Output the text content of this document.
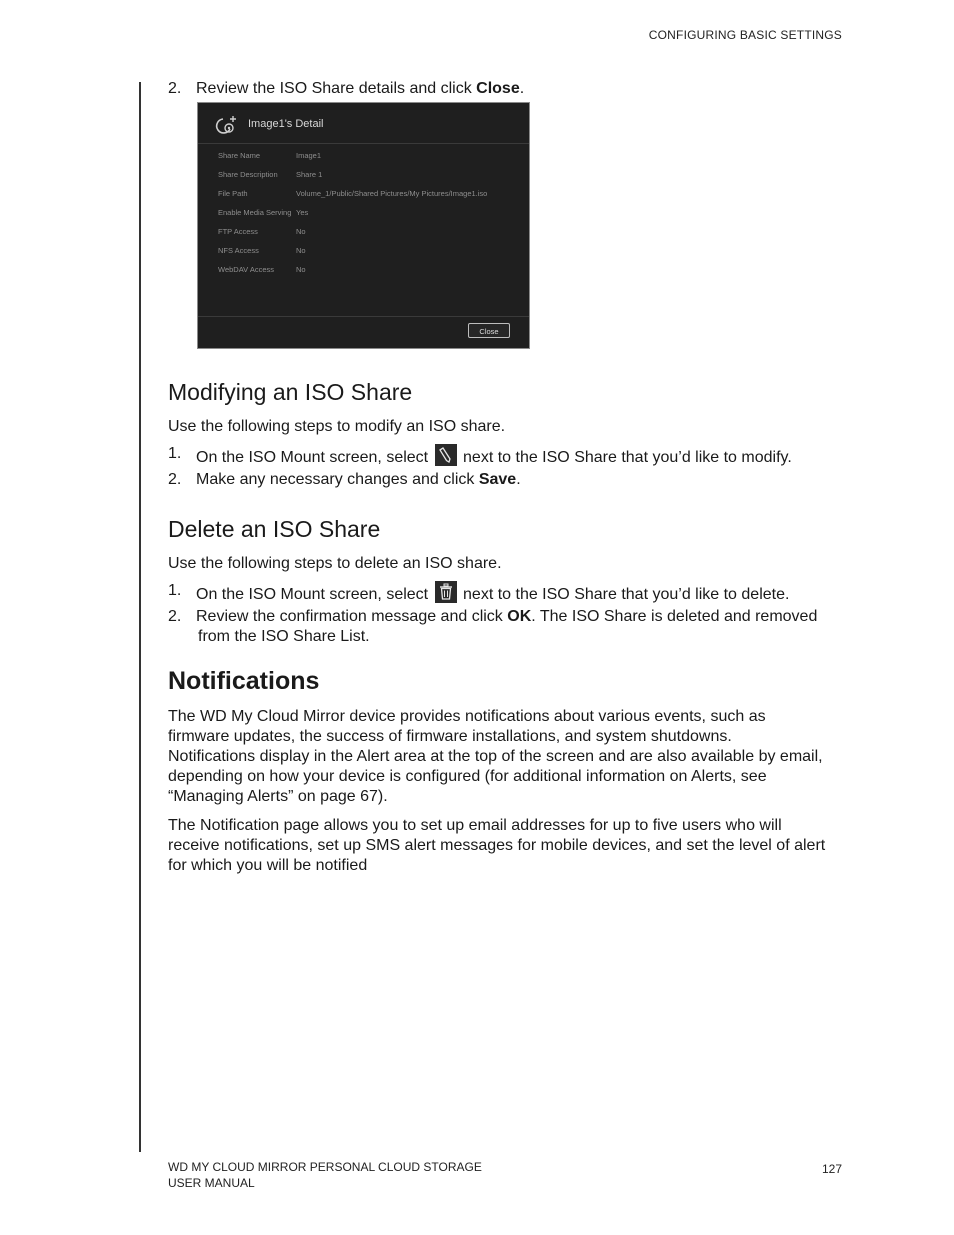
CONFIGURING BASIC SETTINGS
2. Review the ISO Share details and click Close.
Image1's Detail
Share Name	Image1
Share Description Share 1
File Path	Volume_1/Public/Shared Pictures/My Pictures/Image1.iso
Enable Media Serving Yes
FTP Access	No
NFS Access	No
WebDAV Access	No
Close
Modifying an ISO Share
Use the following steps to modify an ISO share.
1. On the ISO Mount screen, select next to the ISO Share that you’d like to modify.
2. Make any necessary changes and click Save.
Delete an ISO Share
Use the following steps to delete an ISO share.
1. On the ISO Mount screen, select next to the ISO Share that you’d like to delete.
2. Review the confirmation message and click OK. The ISO Share is deleted and removed
from the ISO Share List.
Notifications
The WD My Cloud Mirror device provides notifications about various events, such as
firmware updates, the success of firmware installations, and system shutdowns.
Notifications display in the Alert area at the top of the screen and are also available by email,
depending on how your device is configured (for additional information on Alerts, see
“Managing Alerts” on page 67).
The Notification page allows you to set up email addresses for up to five users who will
receive notifications, set up SMS alert messages for mobile devices, and set the level of alert
for which you will be notified
WD MY CLOUD MIRROR PERSONAL CLOUD STORAGE
USER MANUAL
127
